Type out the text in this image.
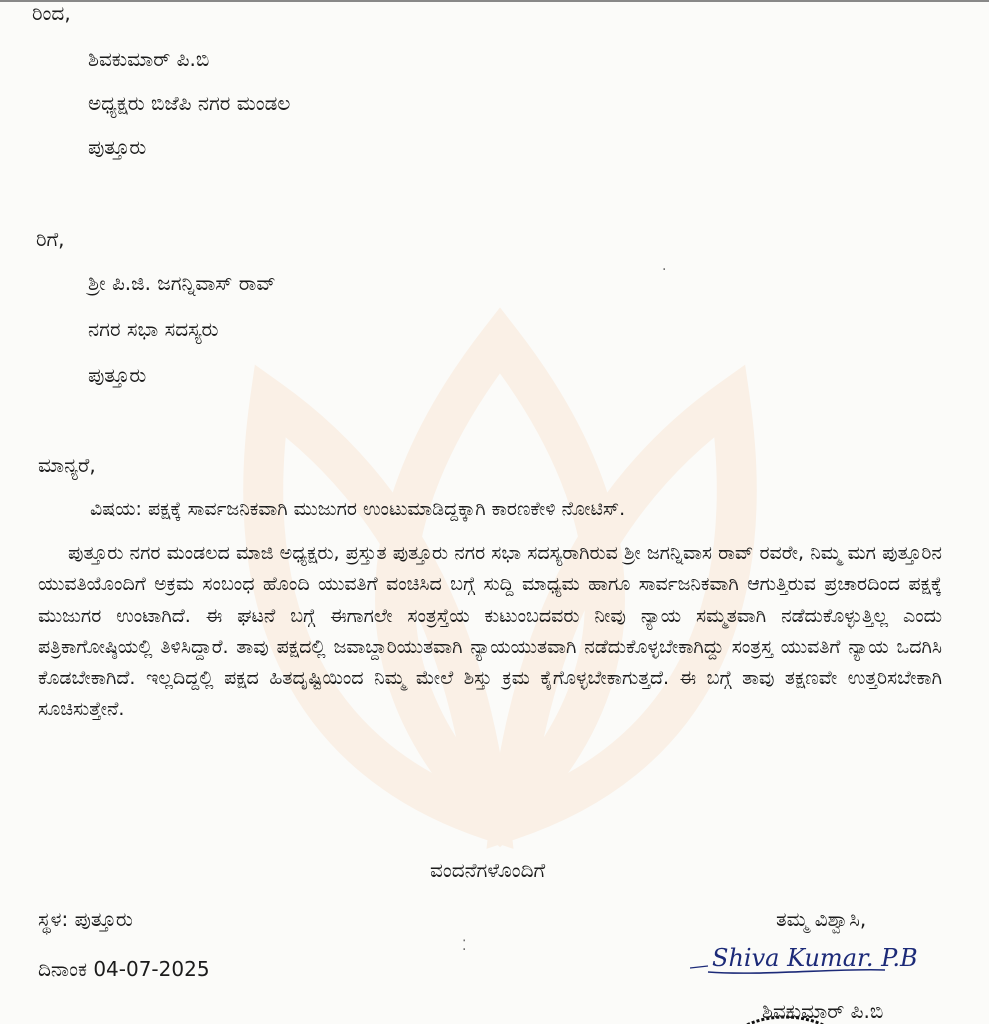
ರಿಂದ,
ಶಿವಕುಮಾರ್ ಪಿ.ಬಿ
ಅಧ್ಯಕ್ಷರು ಬಿಜೆಪಿ ನಗರ ಮಂಡಲ
ಪುತ್ತೂರು
ರಿಗೆ,
ಶ್ರೀ ಪಿ.ಜಿ. ಜಗನ್ನಿವಾಸ್ ರಾವ್
ನಗರ ಸಭಾ ಸದಸ್ಯರು
ಪುತ್ತೂರು
ಮಾನ್ಯರೆ,
ವಿಷಯ: ಪಕ್ಷಕ್ಕೆ ಸಾರ್ವಜನಿಕವಾಗಿ ಮುಜುಗರ ಉಂಟುಮಾಡಿದ್ದಕ್ಕಾಗಿ ಕಾರಣಕೇಳಿ ನೋಟಿಸ್.
ಪುತ್ತೂರು ನಗರ ಮಂಡಲದ ಮಾಜಿ ಅಧ್ಯಕ್ಷರು, ಪ್ರಸ್ತುತ ಪುತ್ತೂರು ನಗರ ಸಭಾ ಸದಸ್ಯರಾಗಿರುವ ಶ್ರೀ ಜಗನ್ನಿವಾಸ ರಾವ್ ರವರೇ, ನಿಮ್ಮ ಮಗ ಪುತ್ತೂರಿನ ಯುವತಿಯೊಂದಿಗೆ ಅಕ್ರಮ ಸಂಬಂಧ ಹೊಂದಿ ಯುವತಿಗೆ ವಂಚಿಸಿದ ಬಗ್ಗೆ ಸುದ್ದಿ ಮಾಧ್ಯಮ ಹಾಗೂ ಸಾರ್ವಜನಿಕವಾಗಿ ಆಗುತ್ತಿರುವ ಪ್ರಚಾರದಿಂದ ಪಕ್ಷಕ್ಕೆ ಮುಜುಗರ ಉಂಟಾಗಿದೆ. ಈ ಘಟನೆ ಬಗ್ಗೆ ಈಗಾಗಲೇ ಸಂತ್ರಸ್ತೆಯ ಕುಟುಂಬದವರು ನೀವು ನ್ಯಾಯ ಸಮ್ಮತವಾಗಿ ನಡೆದುಕೊಳ್ಳುತ್ತಿಲ್ಲ ಎಂದು ಪತ್ರಿಕಾಗೋಷ್ಠಿಯಲ್ಲಿ ತಿಳಿಸಿದ್ದಾರೆ. ತಾವು ಪಕ್ಷದಲ್ಲಿ ಜವಾಬ್ದಾರಿಯುತವಾಗಿ ನ್ಯಾಯಯುತವಾಗಿ ನಡೆದುಕೊಳ್ಳಬೇಕಾಗಿದ್ದು ಸಂತ್ರಸ್ತ ಯುವತಿಗೆ ನ್ಯಾಯ ಒದಗಿಸಿ ಕೊಡಬೇಕಾಗಿದೆ. ಇಲ್ಲದಿದ್ದಲ್ಲಿ ಪಕ್ಷದ ಹಿತದೃಷ್ಟಿಯಿಂದ ನಿಮ್ಮ ಮೇಲೆ ಶಿಸ್ತು ಕ್ರಮ ಕೈಗೊಳ್ಳಬೇಕಾಗುತ್ತದೆ. ಈ ಬಗ್ಗೆ ತಾವು ತಕ್ಷಣವೇ ಉತ್ತರಿಸಬೇಕಾಗಿ ಸೂಚಿಸುತ್ತೇನೆ.
ವಂದನೆಗಳೊಂದಿಗೆ
ಸ್ಥಳ: ಪುತ್ತೂರು
ದಿನಾಂಕ 04-07-2025
ತಮ್ಮ ವಿಶ್ವಾಸಿ,
Shiva Kumar. P.B
ಶಿವಕುಮಾರ್ ಪಿ.ಬಿ
⁚
·
